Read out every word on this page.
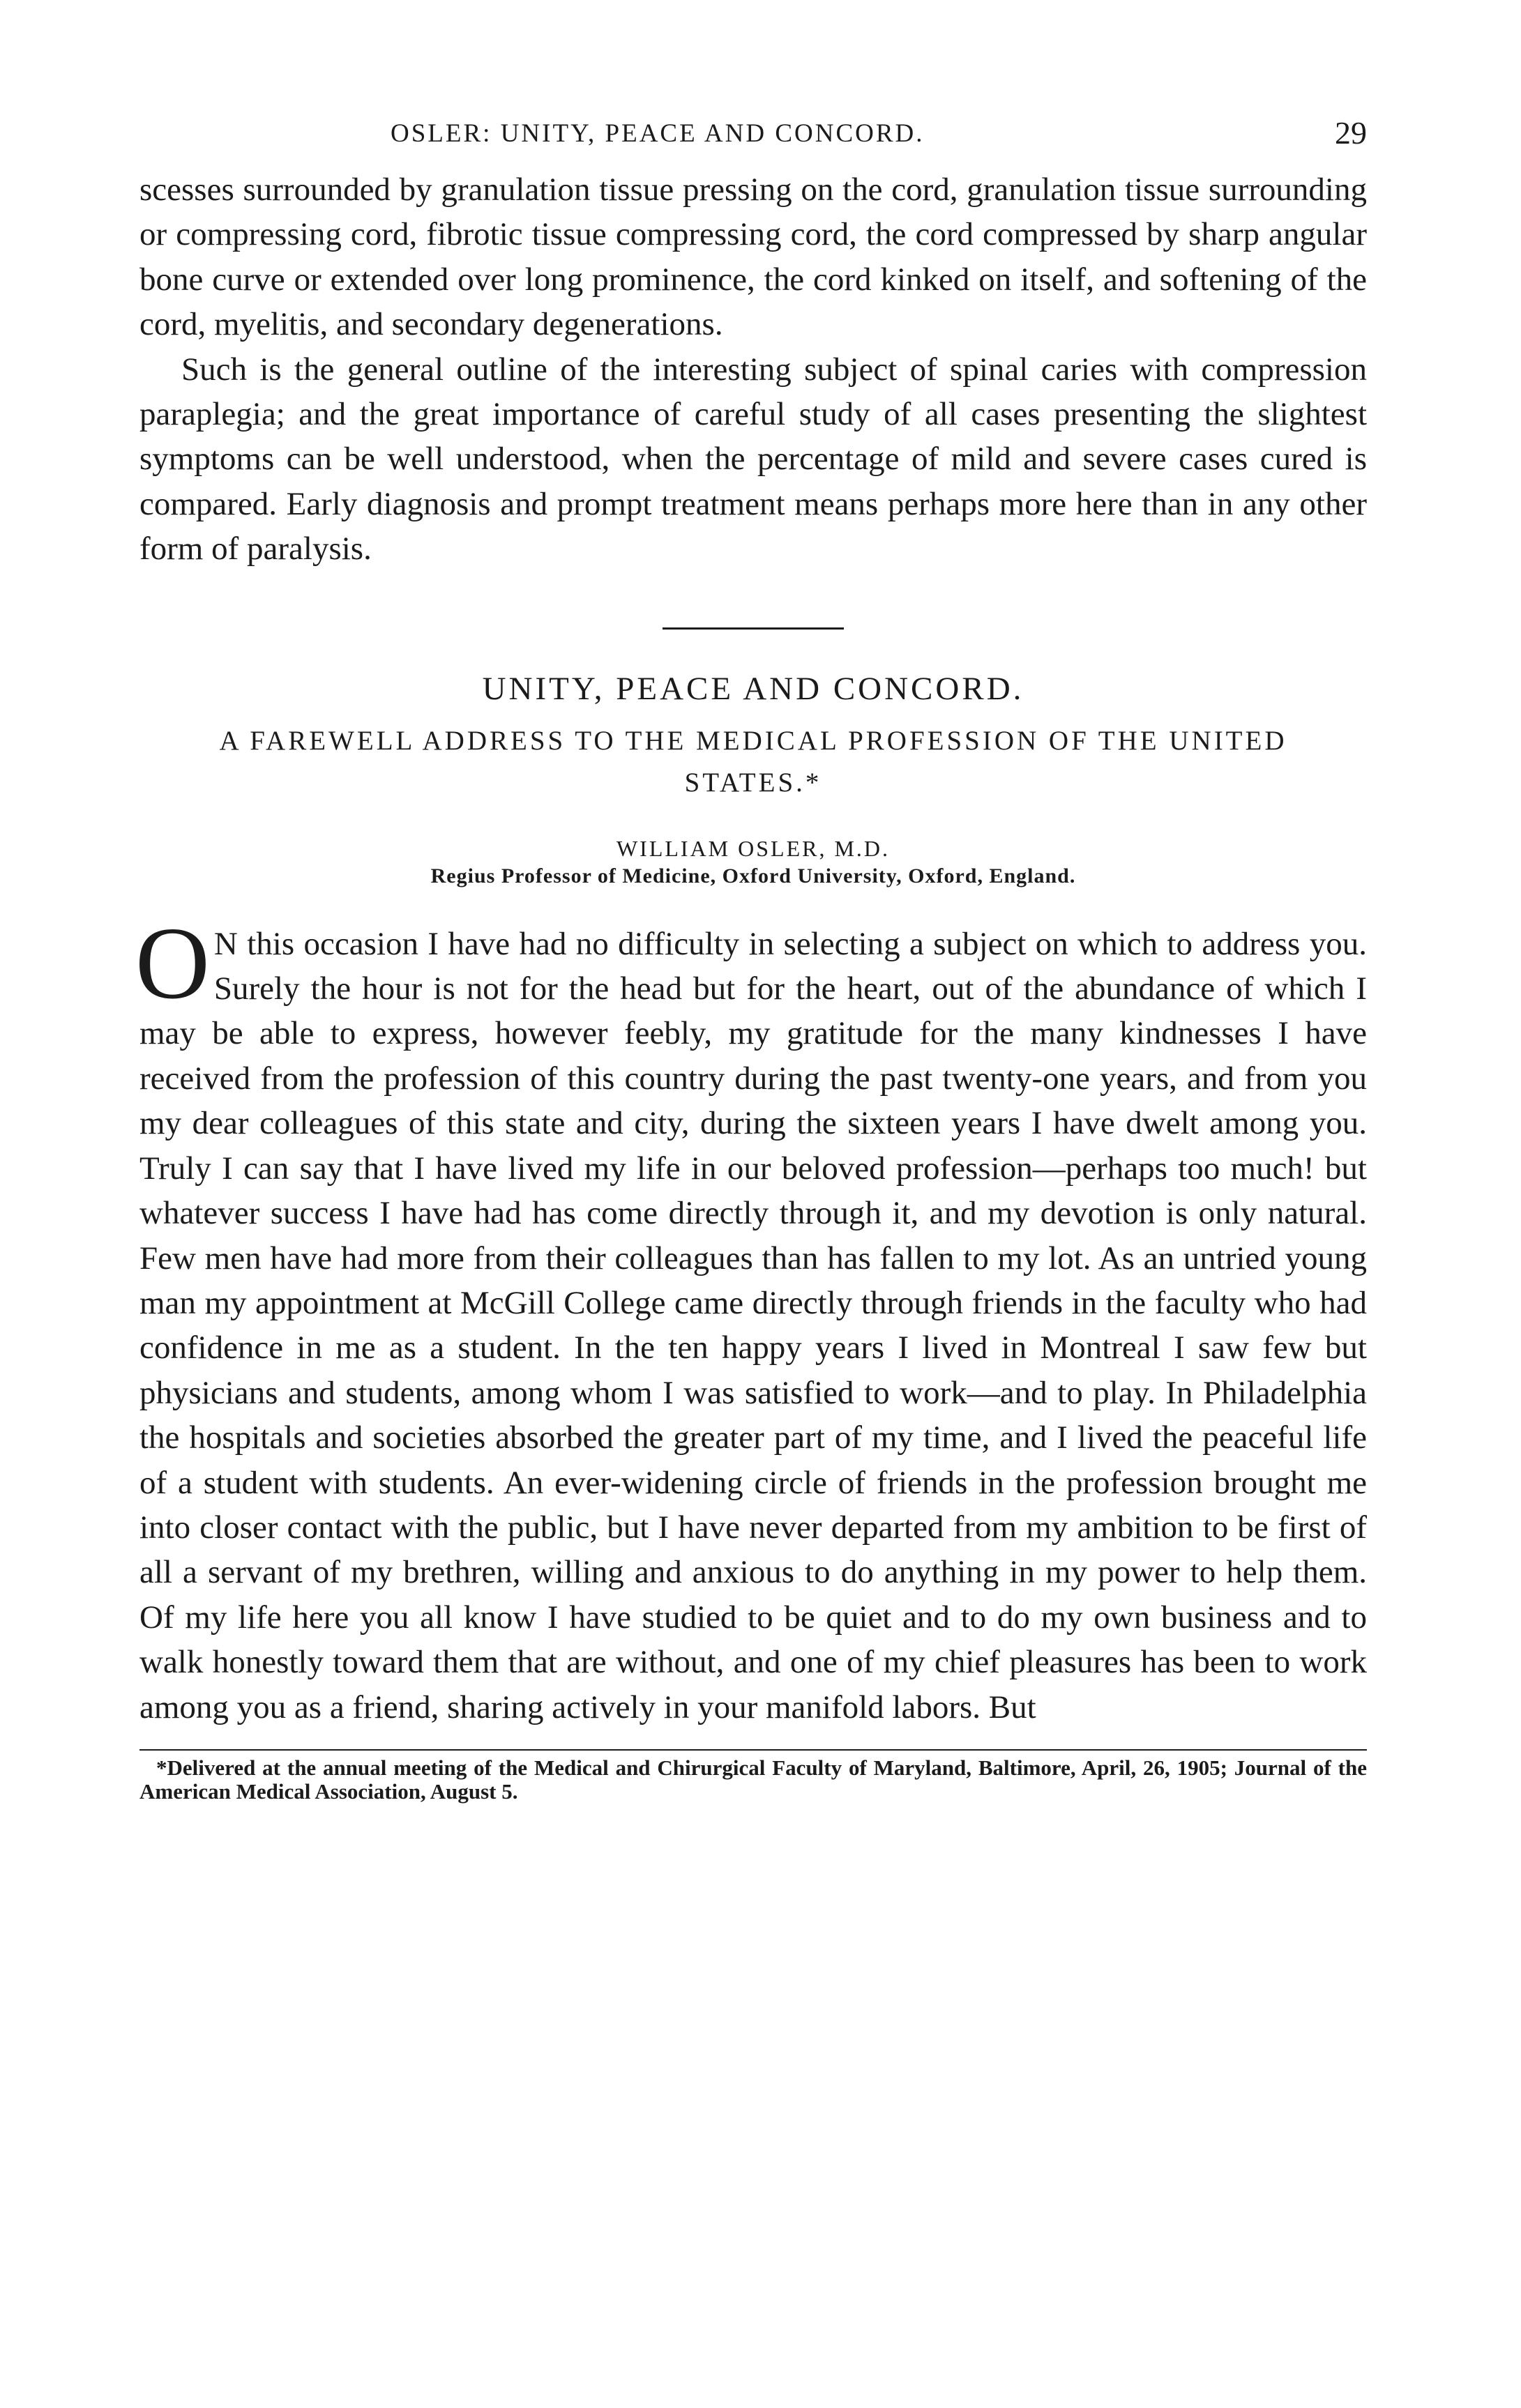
OSLER: UNITY, PEACE AND CONCORD.	29

scesses surrounded by granulation tissue pressing on the cord, granulation tissue surrounding or compressing cord, fibrotic tissue compressing cord, the cord compressed by sharp angular bone curve or extended over long prominence, the cord kinked on itself, and softening of the cord, myelitis, and secondary degenerations.

Such is the general outline of the interesting subject of spinal caries with compression paraplegia; and the great importance of careful study of all cases presenting the slightest symptoms can be well understood, when the percentage of mild and severe cases cured is compared. Early diagnosis and prompt treatment means perhaps more here than in any other form of paralysis.

UNITY, PEACE AND CONCORD.
A FAREWELL ADDRESS TO THE MEDICAL PROFESSION OF THE UNITED STATES.*
WILLIAM OSLER, M.D.
Regius Professor of Medicine, Oxford University, Oxford, England.
O N this occasion I have had no difficulty in selecting a subject on which to address you. Surely the hour is not for the head but for the heart, out of the abundance of which I may be able to express, however feebly, my gratitude for the many kindnesses I have received from the profession of this country during the past twenty-one years, and from you my dear colleagues of this state and city, during the sixteen years I have dwelt among you. Truly I can say that I have lived my life in our beloved profession—perhaps too much! but whatever success I have had has come directly through it, and my devotion is only natural. Few men have had more from their colleagues than has fallen to my lot. As an untried young man my appointment at McGill College came directly through friends in the faculty who had confidence in me as a student. In the ten happy years I lived in Montreal I saw few but physicians and students, among whom I was satisfied to work—and to play. In Philadelphia the hospitals and societies absorbed the greater part of my time, and I lived the peaceful life of a student with students. An ever-widening circle of friends in the profession brought me into closer contact with the public, but I have never departed from my ambition to be first of all a servant of my brethren, willing and anxious to do anything in my power to help them. Of my life here you all know I have studied to be quiet and to do my own business and to walk honestly toward them that are without, and one of my chief pleasures has been to work among you as a friend, sharing actively in your manifold labors. But

*Delivered at the annual meeting of the Medical and Chirurgical Faculty of Maryland, Baltimore, April, 26, 1905; Journal of the American Medical Association, August 5.
